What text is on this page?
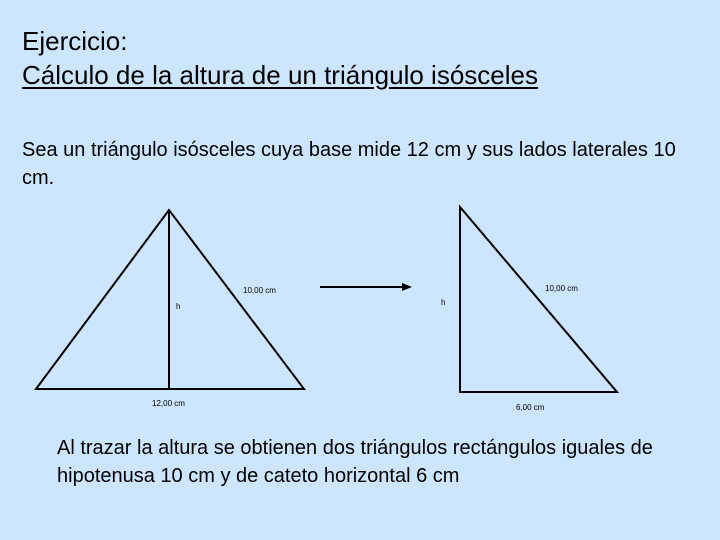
Ejercicio:
Cálculo de la altura de un triángulo isósceles
Sea un triángulo isósceles cuya base mide 12 cm y sus lados laterales 10 cm.
h
10,00 cm
12,00 cm
h
10,00 cm
6,00 cm
Al trazar la altura se obtienen dos triángulos rectángulos iguales de hipotenusa 10 cm y de cateto horizontal 6 cm
